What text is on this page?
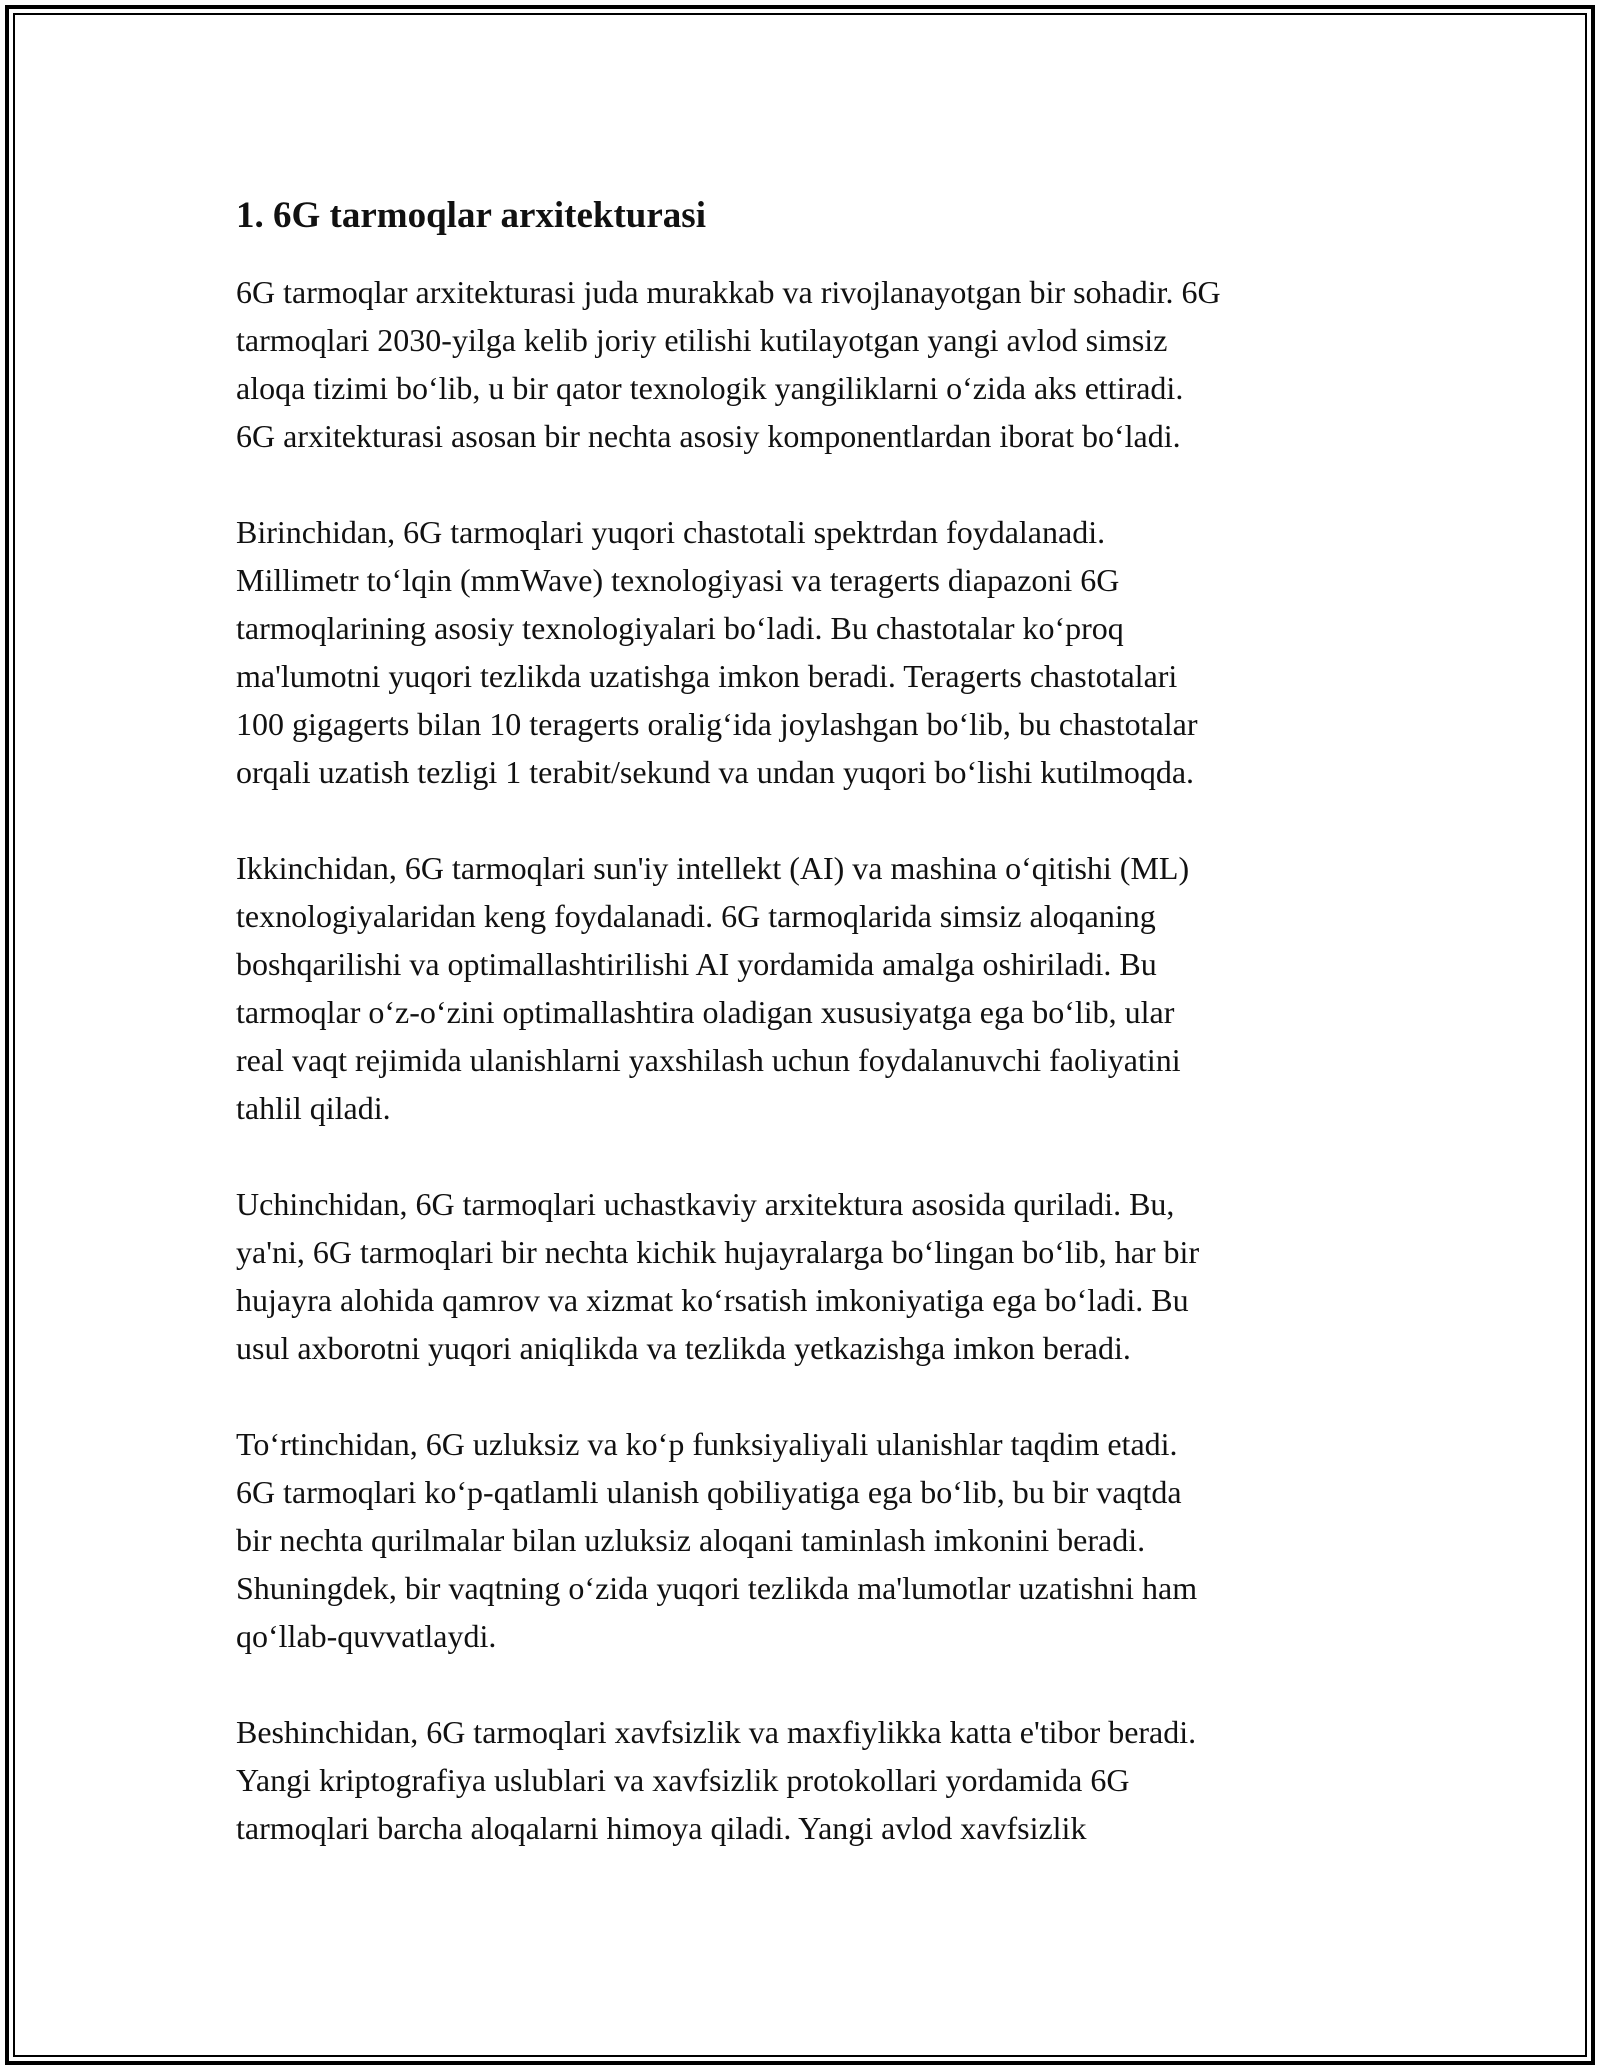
1. 6G tarmoqlar arxitekturasi

6G tarmoqlar arxitekturasi juda murakkab va rivojlanayotgan bir sohadir. 6G
tarmoqlari 2030-yilga kelib joriy etilishi kutilayotgan yangi avlod simsiz
aloqa tizimi bo‘lib, u bir qator texnologik yangiliklarni o‘zida aks ettiradi.
6G arxitekturasi asosan bir nechta asosiy komponentlardan iborat bo‘ladi.

Birinchidan, 6G tarmoqlari yuqori chastotali spektrdan foydalanadi.
Millimetr to‘lqin (mmWave) texnologiyasi va teragerts diapazoni 6G
tarmoqlarining asosiy texnologiyalari bo‘ladi. Bu chastotalar ko‘proq
ma'lumotni yuqori tezlikda uzatishga imkon beradi. Teragerts chastotalari
100 gigagerts bilan 10 teragerts oralig‘ida joylashgan bo‘lib, bu chastotalar
orqali uzatish tezligi 1 terabit/sekund va undan yuqori bo‘lishi kutilmoqda.

Ikkinchidan, 6G tarmoqlari sun'iy intellekt (AI) va mashina o‘qitishi (ML)
texnologiyalaridan keng foydalanadi. 6G tarmoqlarida simsiz aloqaning
boshqarilishi va optimallashtirilishi AI yordamida amalga oshiriladi. Bu
tarmoqlar o‘z-o‘zini optimallashtira oladigan xususiyatga ega bo‘lib, ular
real vaqt rejimida ulanishlarni yaxshilash uchun foydalanuvchi faoliyatini
tahlil qiladi.

Uchinchidan, 6G tarmoqlari uchastkaviy arxitektura asosida quriladi. Bu,
ya'ni, 6G tarmoqlari bir nechta kichik hujayralarga bo‘lingan bo‘lib, har bir
hujayra alohida qamrov va xizmat ko‘rsatish imkoniyatiga ega bo‘ladi. Bu
usul axborotni yuqori aniqlikda va tezlikda yetkazishga imkon beradi.

To‘rtinchidan, 6G uzluksiz va ko‘p funksiyaliyali ulanishlar taqdim etadi.
6G tarmoqlari ko‘p-qatlamli ulanish qobiliyatiga ega bo‘lib, bu bir vaqtda
bir nechta qurilmalar bilan uzluksiz aloqani taminlash imkonini beradi.
Shuningdek, bir vaqtning o‘zida yuqori tezlikda ma'lumotlar uzatishni ham
qo‘llab-quvvatlaydi.

Beshinchidan, 6G tarmoqlari xavfsizlik va maxfiylikka katta e'tibor beradi.
Yangi kriptografiya uslublari va xavfsizlik protokollari yordamida 6G
tarmoqlari barcha aloqalarni himoya qiladi. Yangi avlod xavfsizlik
